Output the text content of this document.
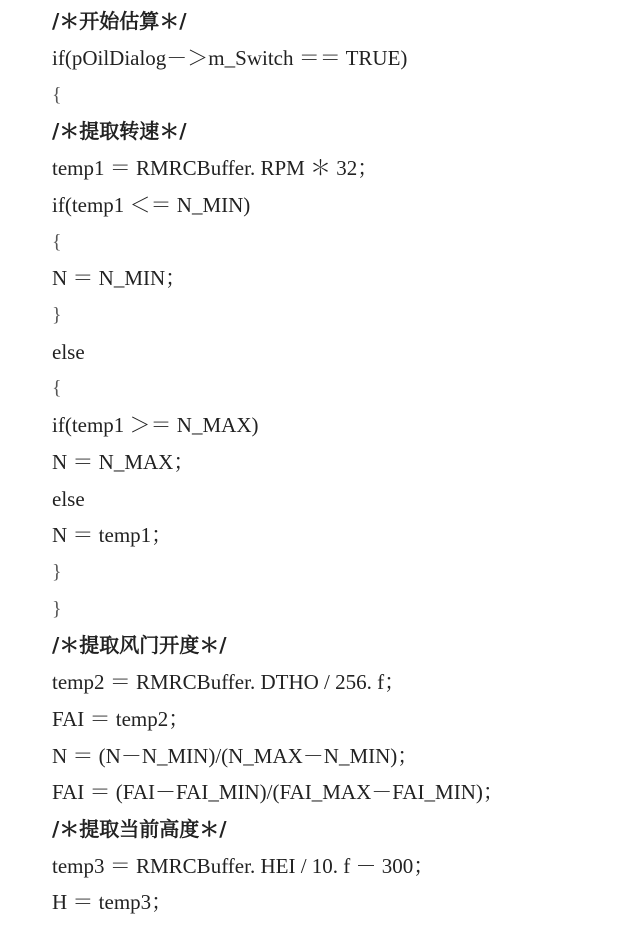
/＊开始估算＊/

if(pOilDialog－＞m_Switch ＝＝ TRUE)

{

/＊提取转速＊/

temp1 ＝ RMRCBuffer. RPM ＊ 32；

if(temp1 ＜＝ N_MIN)

{

N ＝ N_MIN；

}

else

{

if(temp1 ＞＝ N_MAX)

N ＝ N_MAX；

else

N ＝ temp1；

}

}

/＊提取风门开度＊/

temp2 ＝ RMRCBuffer. DTHO / 256. f；

FAI ＝ temp2；

N ＝ (N－N_MIN)/(N_MAX－N_MIN)；

FAI ＝ (FAI－FAI_MIN)/(FAI_MAX－FAI_MIN)；

/＊提取当前高度＊/

temp3 ＝ RMRCBuffer. HEI / 10. f － 300；

H ＝ temp3；
